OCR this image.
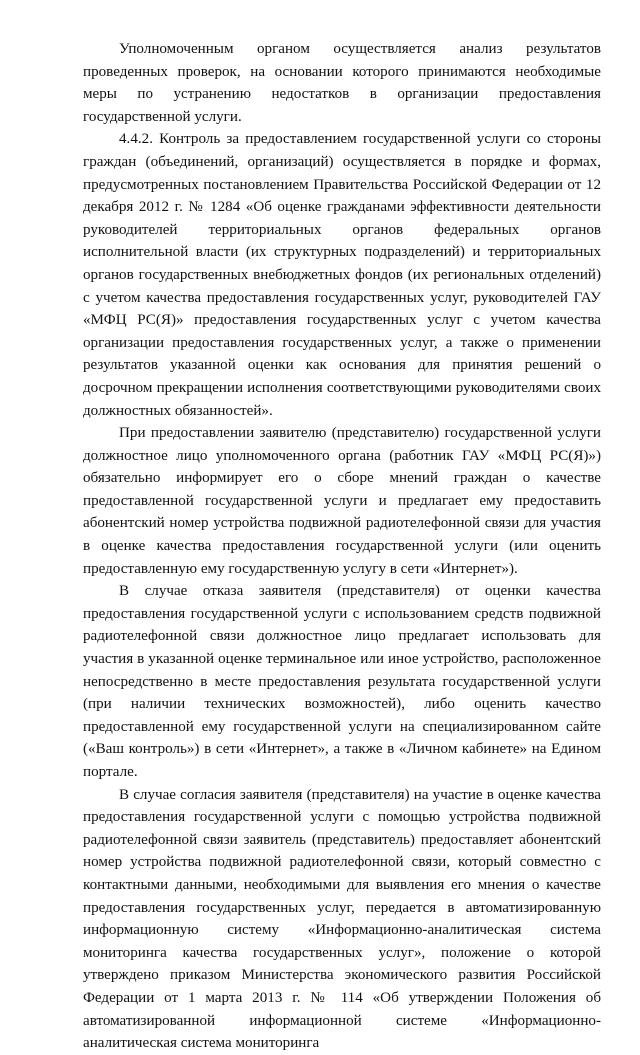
Уполномоченным органом осуществляется анализ результатов проведенных проверок, на основании которого принимаются необходимые меры по устранению недостатков в организации предоставления государственной услуги.

4.4.2. Контроль за предоставлением государственной услуги со стороны граждан (объединений, организаций) осуществляется в порядке и формах, предусмотренных постановлением Правительства Российской Федерации от 12 декабря 2012 г. № 1284 «Об оценке гражданами эффективности деятельности руководителей территориальных органов федеральных органов исполнительной власти (их структурных подразделений) и территориальных органов государственных внебюджетных фондов (их региональных отделений) с учетом качества предоставления государственных услуг, руководителей ГАУ «МФЦ РС(Я)» предоставления государственных услуг с учетом качества организации предоставления государственных услуг, а также о применении результатов указанной оценки как основания для принятия решений о досрочном прекращении исполнения соответствующими руководителями своих должностных обязанностей».

При предоставлении заявителю (представителю) государственной услуги должностное лицо уполномоченного органа (работник ГАУ «МФЦ РС(Я)») обязательно информирует его о сборе мнений граждан о качестве предоставленной государственной услуги и предлагает ему предоставить абонентский номер устройства подвижной радиотелефонной связи для участия в оценке качества предоставления государственной услуги (или оценить предоставленную ему государственную услугу в сети «Интернет»).

В случае отказа заявителя (представителя) от оценки качества предоставления государственной услуги с использованием средств подвижной радиотелефонной связи должностное лицо предлагает использовать для участия в указанной оценке терминальное или иное устройство, расположенное непосредственно в месте предоставления результата государственной услуги (при наличии технических возможностей), либо оценить качество предоставленной ему государственной услуги на специализированном сайте («Ваш контроль») в сети «Интернет», а также в «Личном кабинете» на Едином портале.

В случае согласия заявителя (представителя) на участие в оценке качества предоставления государственной услуги с помощью устройства подвижной радиотелефонной связи заявитель (представитель) предоставляет абонентский номер устройства подвижной радиотелефонной связи, который совместно с контактными данными, необходимыми для выявления его мнения о качестве предоставления государственных услуг, передается в автоматизированную информационную систему «Информационно-аналитическая система мониторинга качества государственных услуг», положение о которой утверждено приказом Министерства экономического развития Российской Федерации от 1 марта 2013 г. № 114 «Об утверждении Положения об автоматизированной информационной системе «Информационно-аналитическая система мониторинга
